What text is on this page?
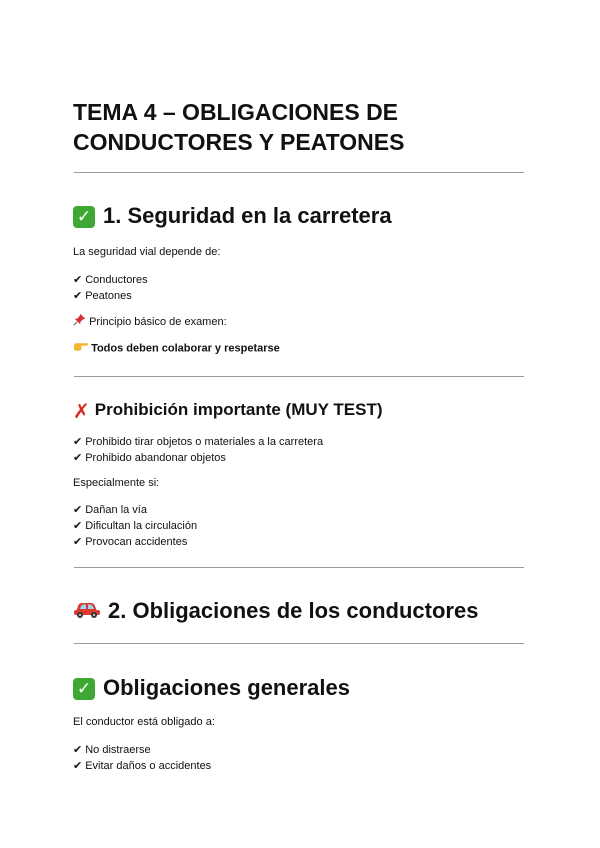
TEMA 4 – OBLIGACIONES DE
CONDUCTORES Y PEATONES
✓ 1. Seguridad en la carretera
La seguridad vial depende de:
✔ Conductores
✔ Peatones
Principio básico de examen:
Todos deben colaborar y respetarse
✗ Prohibición importante (MUY TEST)
✔ Prohibido tirar objetos o materiales a la carretera
✔ Prohibido abandonar objetos
Especialmente si:
✔ Dañan la vía
✔ Dificultan la circulación
✔ Provocan accidentes
2. Obligaciones de los conductores
✓ Obligaciones generales
El conductor está obligado a:
✔ No distraerse
✔ Evitar daños o accidentes
